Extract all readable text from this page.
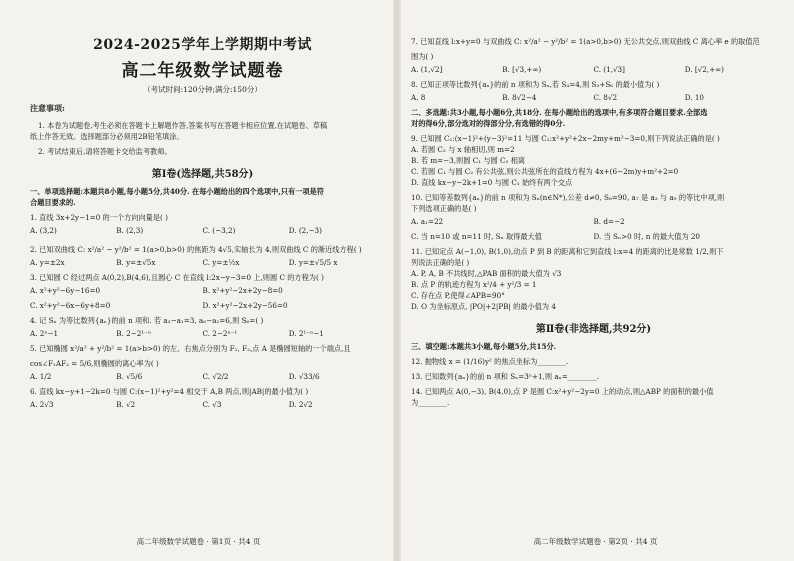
2024-2025学年上学期期中考试

高二年级数学试题卷

（考试时间:120分钟;满分:150分）

注意事项:

1. 本卷为试题卷,考生必须在答题卡上解题作答,答案书写在答题卡相应位置,在试题卷、草稿

纸上作答无效。选择题部分必须用2B铅笔填涂。

2. 考试结束后,请将答题卡交给监考教师。

第Ⅰ卷(选择题,共58分)

一、单项选择题:本题共8小题,每小题5分,共40分. 在每小题给出的四个选项中,只有一项是符

合题目要求的.

1. 直线 3x+2y−1=0 的一个方向向量是( )

A. (3,2)	B. (2,3)	C. (−3,2)	D. (2,−3)

2. 已知双曲线 C: x²/a² − y²/b² = 1(a>0,b>0) 的焦距为 4√5,实轴长为 4,则双曲线 C 的渐近线方程( )

A. y=±2x	B. y=±√5x	C. y=±½x	D. y=±√5/5 x

3. 已知圆 C 经过两点 A(0,2),B(4,6),且圆心 C 在直线 l:2x−y−3=0 上,则圆 C 的方程为( )

A. x²+y²−6y−16=0	B. x²+y²−2x+2y−8=0
C. x²+y²−6x−6y+8=0	D. x²+y²−2x+2y−56=0

4. 记 Sₙ 为等比数列{aₙ}的前 n 项和. 若 a₃−a₁=3, a₆−a₂=6,则 S₆=( )

A. 2ⁿ−1	B. 2−2¹⁻ⁿ	C. 2−2ⁿ⁻¹	D. 2¹⁻ⁿ−1

5. 已知椭圆 x²/a² + y²/b² = 1(a>b>0) 的左、右焦点分别为 F₁, F₂,点 A 是椭圆短轴的一个端点,且

cos∠F₁AF₂ = 5/6,则椭圆的离心率为( )

A. 1/2	B. √5/6	C. √2/2	D. √33/6

6. 直线 kx−y+1−2k=0 与圆 C:(x−1)²+y²=4 相交于 A,B 两点,则|AB|的最小值为( )

A. 2√3	B. √2	C. √3	D. 2√2
高二年级数学试题卷 · 第1页 · 共4 页

7. 已知直线 l:x+y=0 与双曲线 C: x²/a² − y²/b² = 1(a>0,b>0) 无公共交点,则双曲线 C 离心率 e 的取值范

围为( )

A. (1,√2]	B. [√3,+∞)	C. (1,√3]	D. [√2,+∞)

8. 已知正项等比数列{aₙ}的前 n 项和为 Sₙ,若 S₄=4,则 S₃+S₆ 的最小值为( )

A. 8	B. 8√2−4	C. 8√2	D. 10

二、多选题:共3小题,每小题6分,共18分. 在每小题给出的选项中,有多项符合题目要求.全部选

对的得6分,部分选对的得部分分,有选错的得0分.

9. 已知圆 C₁:(x−1)²+(y−3)²=11 与圆 C₂:x²+y²+2x−2my+m²−3=0,则下列说法正确的是( )

A. 若圆 C₂ 与 x 轴相切,则 m=2

B. 若 m=−3,则圆 C₁ 与圆 C₂ 相离

C. 若圆 C₁ 与圆 C₂ 有公共弦,则公共弦所在的直线方程为 4x+(6−2m)y+m²+2=0

D. 直线 kx−y−2k+1=0 与圆 C₁ 始终有两个交点

10. 已知等差数列{aₙ}的前 n 项和为 Sₙ(n∈N*),公差 d≠0, S₆=90, a₇ 是 a₃ 与 a₉ 的等比中项,则

下列选项正确的是( )

A. a₁=22	B. d=−2
C. 当 n=10 或 n=11 时, Sₙ 取得最大值	D. 当 Sₙ>0 时, n 的最大值为 20

11. 已知定点 A(−1,0), B(1,0),动点 P 到 B 的距离和它到直线 l:x=4 的距离的比是常数 1/2,则下

列说法正确的是( )

A. P, A, B 不共线时,△PAB 面积的最大值为 √3

B. 点 P 的轨迹方程为 x²/4 + y²/3 = 1

C. 存在点 P,使得∠APB=90°

D. O 为坐标原点, |PO|+2|PB| 的最小值为 4

第Ⅱ卷(非选择题,共92分)

三、填空题:本题共3小题,每小题5分,共15分.

12. 抛物线 x = (1/16)y² 的焦点坐标为________.

13. 已知数列{aₙ}的前 n 项和 Sₙ=3ⁿ+1,则 aₙ=________.

14. 已知两点 A(0,−3), B(4,0),点 P 是圆 C:x²+y²−2y=0 上的动点,则△ABP 的面积的最小值

为________.

高二年级数学试题卷 · 第2页 · 共4 页
